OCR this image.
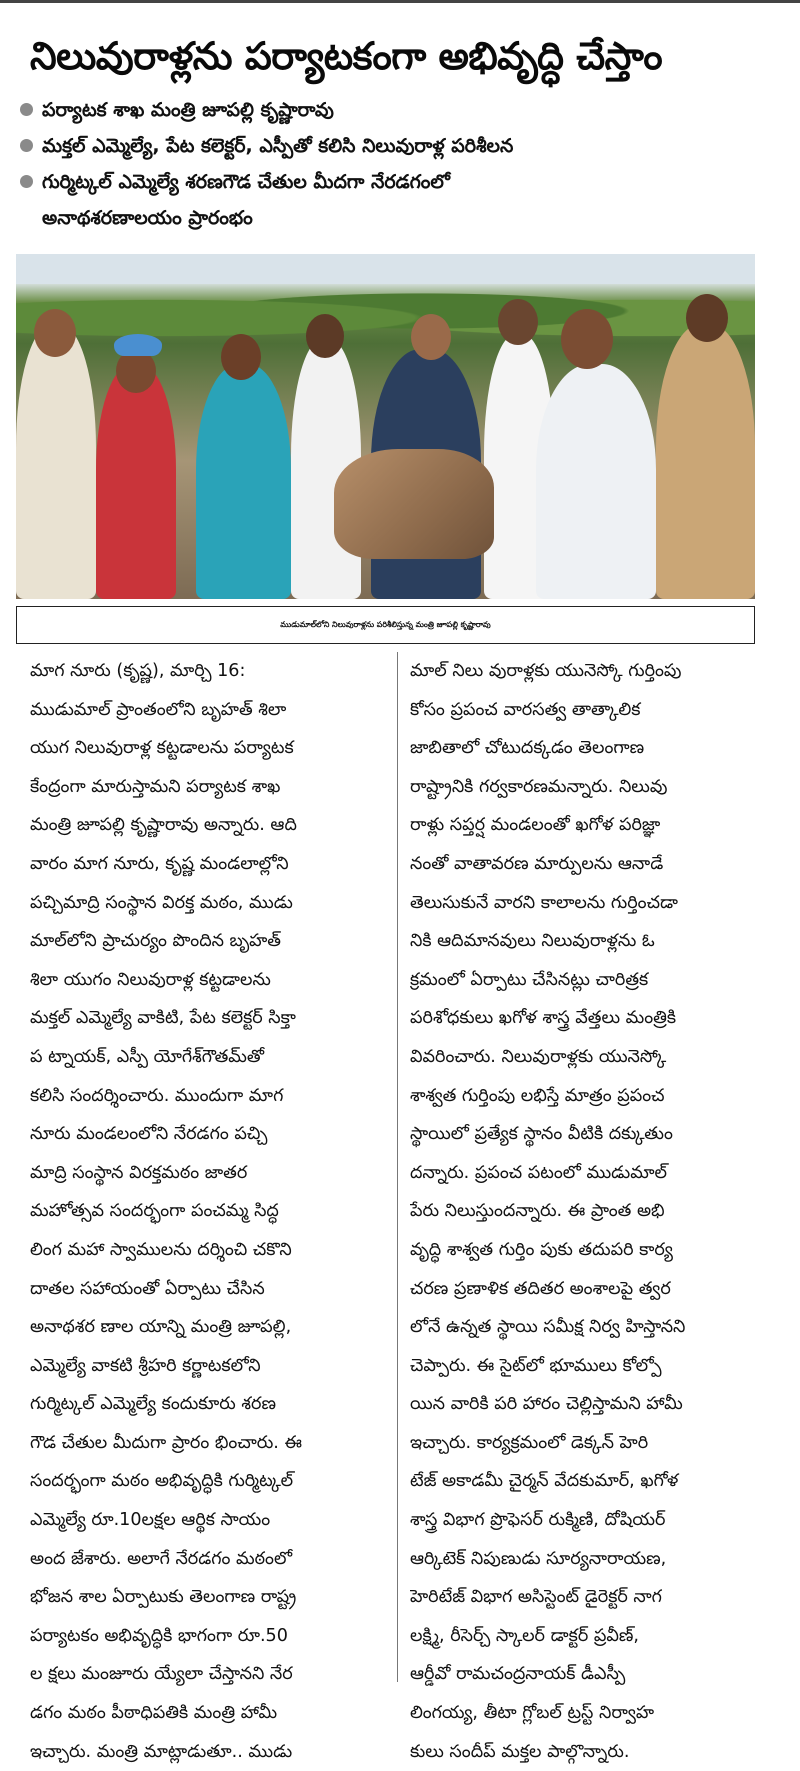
నిలువురాళ్లను పర్యాటకంగా అభివృద్ధి చేస్తాం
పర్యాటక శాఖ మంత్రి జూపల్లి కృష్ణారావు
మక్తల్ ఎమ్మెల్యే, పేట కలెక్టర్, ఎస్పీతో కలిసి నిలువురాళ్ల పరిశీలన
గుర్మిట్కల్ ఎమ్మెల్యే శరణగౌడ చేతుల మీదగా నేరడగంలో
అనాథశరణాలయం ప్రారంభం
ముడుమాల్‌లోని నిలువురాళ్లను పరిశీలిస్తున్న మంత్రి జూపల్లి కృష్ణారావు
మాగ నూరు (కృష్ణ), మార్చి 16:
ముడుమాల్ ప్రాంతంలోని బృహత్ శిలా
యుగ నిలువురాళ్ల కట్టడాలను పర్యాటక
కేంద్రంగా మారుస్తామని పర్యాటక శాఖ
మంత్రి జూపల్లి కృష్ణారావు అన్నారు. ఆది
వారం మాగ నూరు, కృష్ణ మండలాల్లోని
పచ్చిమాద్రి సంస్థాన విరక్త మఠం, ముడు
మాల్‌లోని ప్రాచుర్యం పొందిన బృహత్
శిలా యుగం నిలువురాళ్ల కట్టడాలను
మక్తల్ ఎమ్మెల్యే వాకిటి, పేట కలెక్టర్ సిక్తా
ప ట్నాయక్, ఎస్పీ యోగేశ్‌గౌతమ్‌తో
కలిసి సందర్శించారు. ముందుగా మాగ
నూరు మండలంలోని నేరడగం పచ్చి
మాద్రి సంస్థాన విరక్తమఠం జాతర
మహోత్సవ సందర్భంగా పంచమ్మ సిద్ధ
లింగ మహా స్వాములను దర్శించి చకొని
దాతల సహాయంతో ఏర్పాటు చేసిన
అనాథశర ణాల యాన్ని మంత్రి జూపల్లి,
ఎమ్మెల్యే వాకటి శ్రీహరి కర్ణాటకలోని
గుర్మిట్కల్ ఎమ్మెల్యే కందుకూరు శరణ
గౌడ చేతుల మీదుగా ప్రారం భించారు. ఈ
సందర్భంగా మఠం అభివృద్ధికి గుర్మిట్కల్
ఎమ్మెల్యే రూ.10లక్షల ఆర్థిక సాయం
అంద జేశారు. అలాగే నేరడగం మఠంలో
భోజన శాల ఏర్పాటుకు తెలంగాణ రాష్ట్ర
పర్యాటకం అభివృద్ధికి భాగంగా రూ.50
ల క్షలు మంజూరు య్యేలా చేస్తానని నేర
డగం మఠం పీఠాధిపతికి మంత్రి హామీ
ఇచ్చారు. మంత్రి మాట్లాడుతూ.. ముడు
మాల్ నిలు వురాళ్లకు యునెస్కో గుర్తింపు
కోసం ప్రపంచ వారసత్వ తాత్కాలిక
జాబితాలో చోటుదక్కడం తెలంగాణ
రాష్ట్రానికి గర్వకారణమన్నారు. నిలువు
రాళ్లు సప్తర్ష మండలంతో ఖగోళ పరిజ్ఞా
నంతో వాతావరణ మార్పులను ఆనాడే
తెలుసుకునే వారని కాలాలను గుర్తించడా
నికి ఆదిమానవులు నిలువురాళ్లను ఓ
క్రమంలో ఏర్పాటు చేసినట్లు చారిత్రక
పరిశోధకులు ఖగోళ శాస్త్ర వేత్తలు మంత్రికి
వివరించారు. నిలువురాళ్లకు యునెస్కో
శాశ్వత గుర్తింపు లభిస్తే మాత్రం ప్రపంచ
స్థాయిలో ప్రత్యేక స్థానం వీటికి దక్కుతుం
దన్నారు. ప్రపంచ పటంలో ముడుమాల్
పేరు నిలుస్తుందన్నారు. ఈ ప్రాంత అభి
వృద్ధి శాశ్వత గుర్తిం పుకు తదుపరి కార్య
చరణ ప్రణాళిక తదితర అంశాలపై త్వర
లోనే ఉన్నత స్థాయి సమీక్ష నిర్వ హిస్తానని
చెప్పారు. ఈ సైట్‌లో భూములు కోల్పో
యిన వారికి పరి హారం చెల్లిస్తామని హామీ
ఇచ్చారు. కార్యక్రమంలో డెక్కన్ హెరి
టేజ్ అకాడమీ చైర్మన్ వేదకుమార్, ఖగోళ
శాస్త్ర విభాగ ప్రొఫెసర్ రుక్మిణి, దోషియర్
ఆర్కిటెక్ నిపుణుడు సూర్యనారాయణ,
హెరిటేజ్ విభాగ అసిస్టెంట్ డైరెక్టర్ నాగ
లక్ష్మి, రీసెర్చ్ స్కాలర్ డాక్టర్ ప్రవీణ్,
ఆర్డీవో రామచంద్రనాయక్ డీఎస్పీ
లింగయ్య, తీటా గ్లోబల్ ట్రస్ట్ నిర్వాహ
కులు సందీప్ మక్తల పాల్గొన్నారు.
